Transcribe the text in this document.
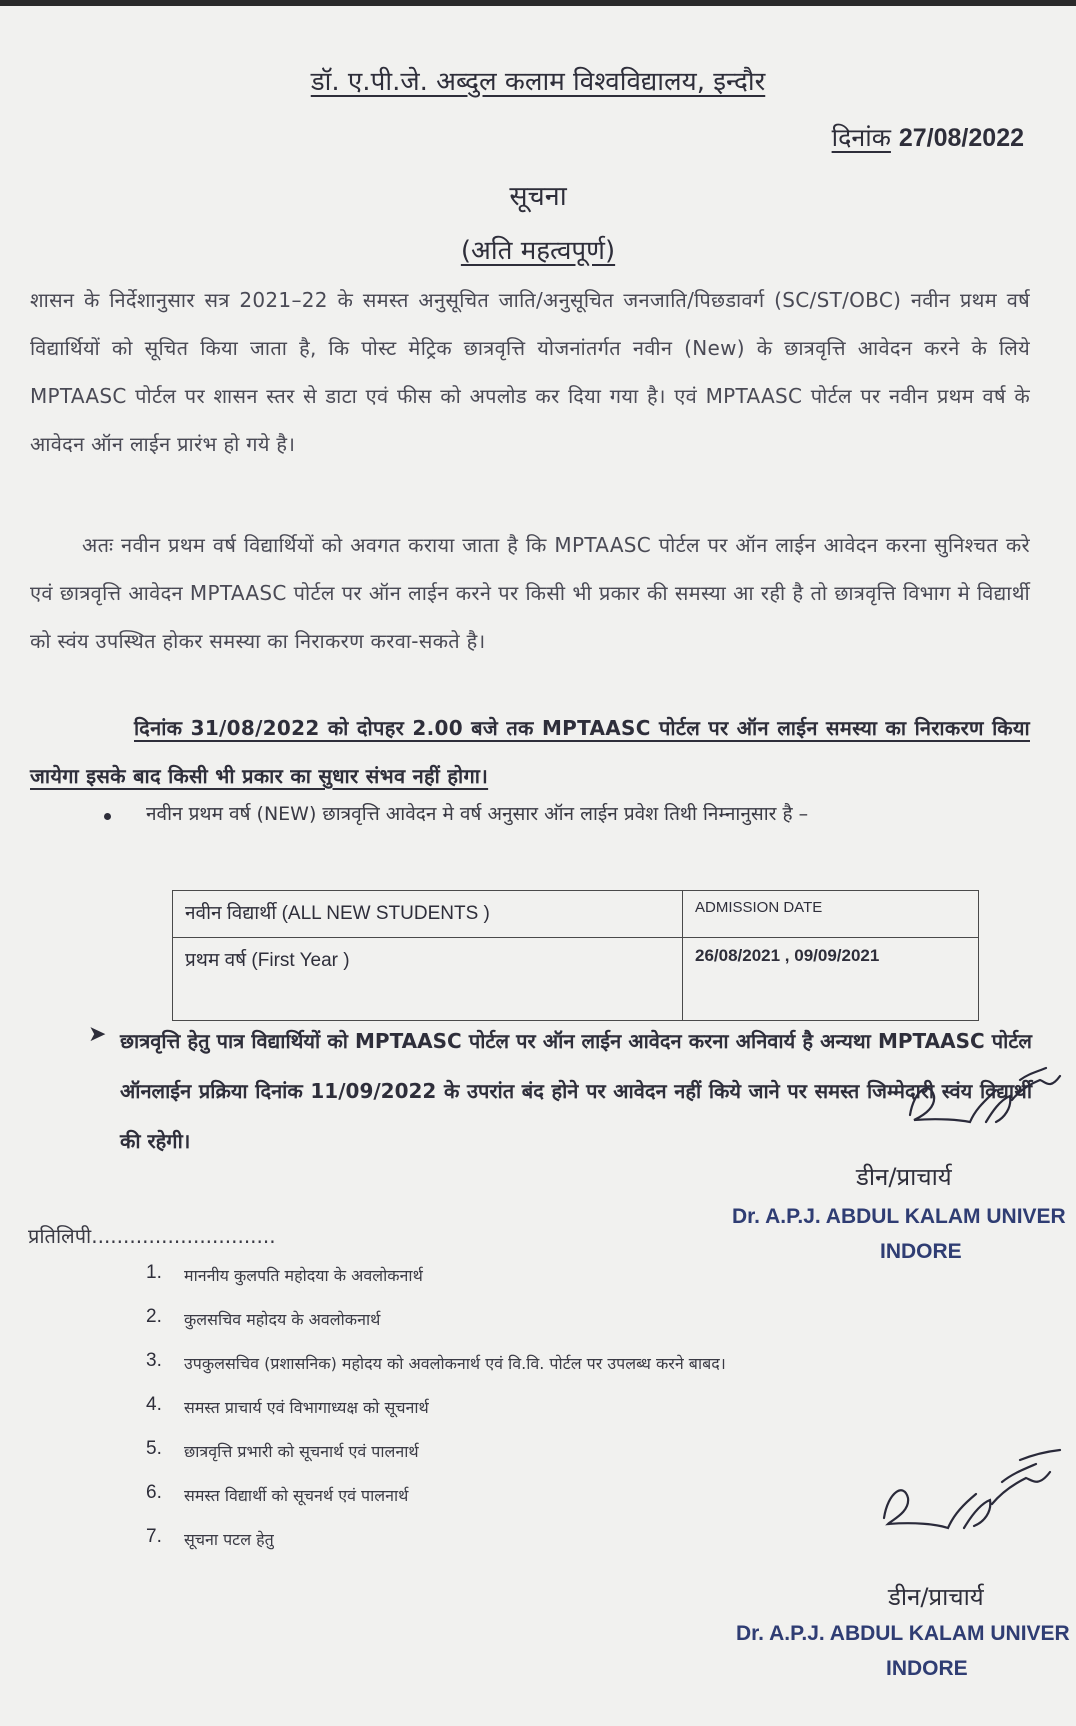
डॉ. ए.पी.जे. अब्दुल कलाम विश्वविद्यालय, इन्दौर
दिनांक 27/08/2022
सूचना
(अति महत्वपूर्ण)
शासन के निर्देशानुसार सत्र 2021–22 के समस्त अनुसूचित जाति/अनुसूचित जनजाति/पिछडावर्ग (SC/ST/OBC) नवीन प्रथम वर्ष विद्यार्थियों को सूचित किया जाता है, कि पोस्ट मेट्रिक छात्रवृत्ति योजनांतर्गत नवीन (New) के छात्रवृत्ति आवेदन करने के लिये MPTAASC पोर्टल पर शासन स्तर से डाटा एवं फीस को अपलोड कर दिया गया है। एवं MPTAASC पोर्टल पर नवीन प्रथम वर्ष के आवेदन ऑन लाईन प्रारंभ हो गये है।
अतः नवीन प्रथम वर्ष विद्यार्थियों को अवगत कराया जाता है कि MPTAASC पोर्टल पर ऑन लाईन आवेदन करना सुनिश्चत करे एवं छात्रवृत्ति आवेदन MPTAASC पोर्टल पर ऑन लाईन करने पर किसी भी प्रकार की समस्या आ रही है तो छात्रवृत्ति विभाग मे विद्यार्थी को स्वंय उपस्थित होकर समस्या का निराकरण करवा-सकते है।
दिनांक 31/08/2022 को दोपहर 2.00 बजे तक MPTAASC पोर्टल पर ऑन लाईन समस्या का निराकरण किया जायेगा इसके बाद किसी भी प्रकार का सुधार संभव नहीं होगा।
नवीन प्रथम वर्ष (NEW) छात्रवृत्ति आवेदन मे वर्ष अनुसार ऑन लाईन प्रवेश तिथी निम्नानुसार है –
नवीन विद्यार्थी (ALL NEW STUDENTS )	ADMISSION DATE
प्रथम वर्ष (First Year )	26/08/2021 , 09/09/2021
➤ छात्रवृत्ति हेतु पात्र विद्यार्थियों को MPTAASC पोर्टल पर ऑन लाईन आवेदन करना अनिवार्य है अन्यथा MPTAASC पोर्टल ऑनलाईन प्रक्रिया दिनांक 11/09/2022 के उपरांत बंद होने पर आवेदन नहीं किये जाने पर समस्त जिम्मेदारी स्वंय विद्यार्थी की रहेगी।
डीन/प्राचार्य
Dr. A.P.J. ABDUL KALAM UNIVER
INDORE
प्रतिलिपी.............................
1.	माननीय कुलपति महोदया के अवलोकनार्थ
2.	कुलसचिव महोदय के अवलोकनार्थ
3.	उपकुलसचिव (प्रशासनिक) महोदय को अवलोकनार्थ एवं वि.वि. पोर्टल पर उपलब्ध करने बाबद।
4.	समस्त प्राचार्य एवं विभागाध्यक्ष को सूचनार्थ
5.	छात्रवृत्ति प्रभारी को सूचनार्थ एवं पालनार्थ
6.	समस्त विद्यार्थी को सूचनर्थ एवं पालनार्थ
7.	सूचना पटल हेतु
डीन/प्राचार्य
Dr. A.P.J. ABDUL KALAM UNIVER
INDORE
